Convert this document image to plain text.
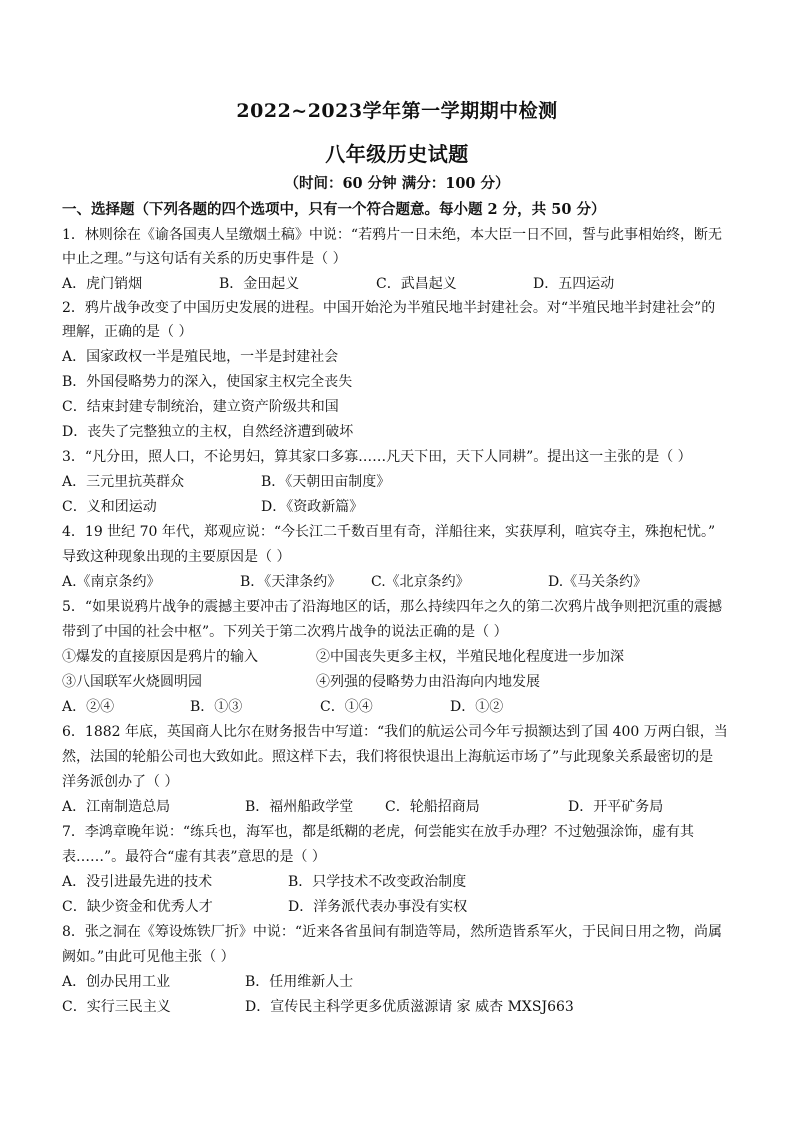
2022~2023学年第一学期期中检测
八年级历史试题
（时间：60 分钟 满分：100 分）
一、选择题（下列各题的四个选项中，只有一个符合题意。每小题 2 分，共 50 分）
1．林则徐在《谕各国夷人呈缴烟土稿》中说：“若鸦片一日未绝，本大臣一日不回，誓与此事相始终，断无
中止之理。”与这句话有关系的历史事件是（ ）
A．虎门销烟	B．金田起义	C．武昌起义	D．五四运动
2．鸦片战争改变了中国历史发展的进程。中国开始沦为半殖民地半封建社会。对“半殖民地半封建社会”的
理解，正确的是（ ）
A．国家政权一半是殖民地，一半是封建社会
B．外国侵略势力的深入，使国家主权完全丧失
C．结束封建专制统治，建立资产阶级共和国
D．丧失了完整独立的主权，自然经济遭到破坏
3．“凡分田，照人口，不论男妇，算其家口多寡……凡天下田，天下人同耕”。提出这一主张的是（ ）
A．三元里抗英群众	B．《天朝田亩制度》
C．义和团运动	D．《资政新篇》
4．19 世纪 70 年代，郑观应说：“今长江二千数百里有奇，洋船往来，实获厚利，喧宾夺主，殊抱杞忧。”
导致这种现象出现的主要原因是（ ）
A.《南京条约》	B．《天津条约》 C.《北京条约》	D.《马关条约》
5．“如果说鸦片战争的震撼主要冲击了沿海地区的话，那么持续四年之久的第二次鸦片战争则把沉重的震撼
带到了中国的社会中枢”。下列关于第二次鸦片战争的说法正确的是（ ）
①爆发的直接原因是鸦片的输入	②中国丧失更多主权，半殖民地化程度进一步加深
③八国联军火烧圆明园	④列强的侵略势力由沿海向内地发展
A．②④	B．①③	C．①④	D．①②
6．1882 年底，英国商人比尔在财务报告中写道：“我们的航运公司今年亏损额达到了国 400 万两白银，当
然，法国的轮船公司也大致如此。照这样下去，我们将很快退出上海航运市场了”与此现象关系最密切的是
洋务派创办了（ ）
A．江南制造总局	B．福州船政学堂 C．轮船招商局	D．开平矿务局
7．李鸿章晚年说：“练兵也，海军也，都是纸糊的老虎，何尝能实在放手办理？不过勉强涂饰，虚有其
表……”。最符合“虚有其表”意思的是（ ）
A．没引进最先进的技术	B．只学技术不改变政治制度
C．缺少资金和优秀人才	D．洋务派代表办事没有实权
8．张之洞在《筹设炼铁厂折》中说：“近来各省虽间有制造等局，然所造皆系军火，于民间日用之物，尚属
阙如。”由此可见他主张（ ）
A．创办民用工业	B．任用维新人士
C．实行三民主义	D．宣传民主科学更多优质滋源请 家 威杏 MXSJ663
